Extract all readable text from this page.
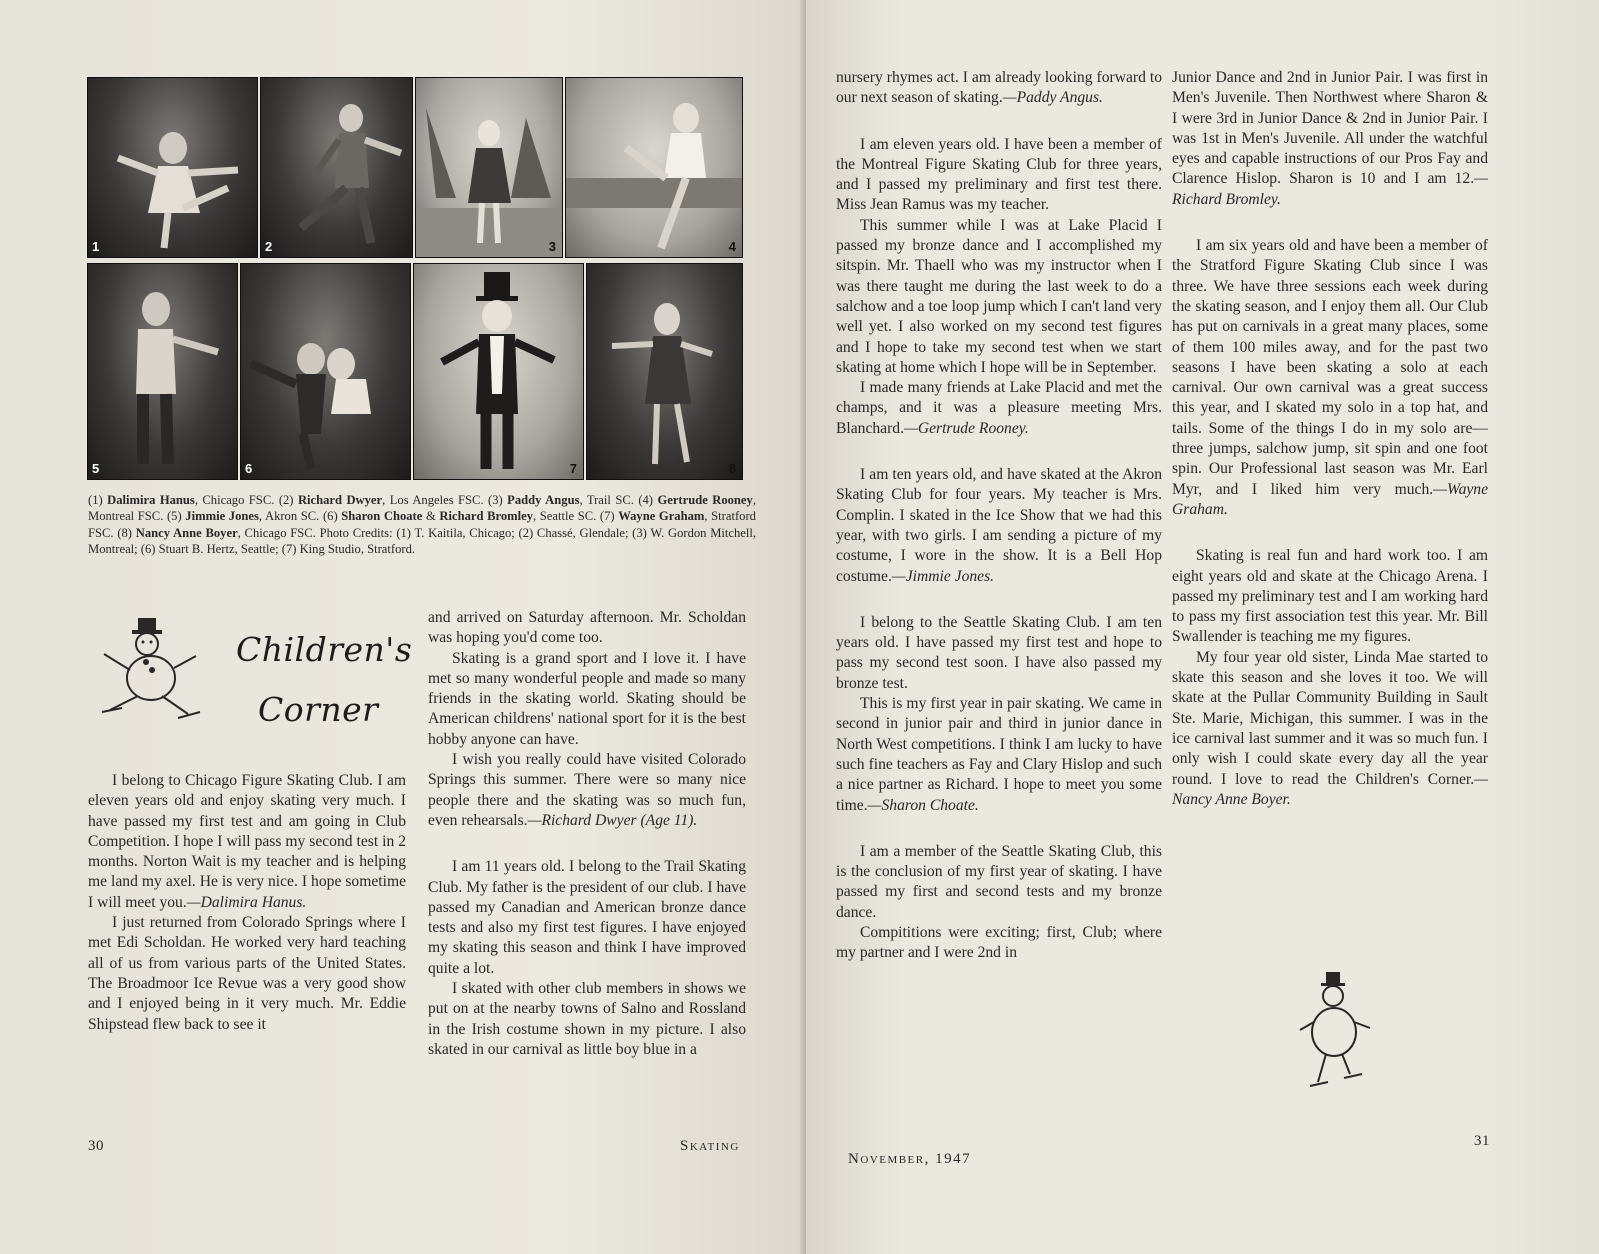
1	2	3	4
5	6	7	8
(1) Dalimira Hanus, Chicago FSC. (2) Richard Dwyer, Los Angeles FSC. (3) Paddy Angus, Trail SC. (4) Gertrude Rooney, Montreal FSC. (5) Jimmie Jones, Akron SC. (6) Sharon Choate & Richard Bromley, Seattle SC. (7) Wayne Graham, Stratford FSC. (8) Nancy Anne Boyer, Chicago FSC. Photo Credits: (1) T. Kaitila, Chicago; (2) Chassé, Glendale; (3) W. Gordon Mitchell, Montreal; (6) Stuart B. Hertz, Seattle; (7) King Studio, Stratford.
Children's
Corner

I belong to Chicago Figure Skating Club. I am eleven years old and enjoy skating very much. I have passed my first test and am going in Club Competition. I hope I will pass my second test in 2 months. Norton Wait is my teacher and is helping me land my axel. He is very nice. I hope sometime I will meet you.—Dalimira Hanus.

I just returned from Colorado Springs where I met Edi Scholdan. He worked very hard teaching all of us from various parts of the United States. The Broadmoor Ice Revue was a very good show and I enjoyed being in it very much. Mr. Eddie Shipstead flew back to see it

and arrived on Saturday afternoon. Mr. Scholdan was hoping you'd come too.

Skating is a grand sport and I love it. I have met so many wonderful people and made so many friends in the skating world. Skating should be American childrens' national sport for it is the best hobby anyone can have.

I wish you really could have visited Colorado Springs this summer. There were so many nice people there and the skating was so much fun, even rehearsals.—Richard Dwyer (Age 11).

I am 11 years old. I belong to the Trail Skating Club. My father is the president of our club. I have passed my Canadian and American bronze dance tests and also my first test figures. I have enjoyed my skating this season and think I have improved quite a lot.

I skated with other club members in shows we put on at the nearby towns of Salno and Rossland in the Irish costume shown in my picture. I also skated in our carnival as little boy blue in a

30	Skating

nursery rhymes act. I am already looking forward to our next season of skating.—Paddy Angus.

I am eleven years old. I have been a member of the Montreal Figure Skating Club for three years, and I passed my preliminary and first test there. Miss Jean Ramus was my teacher.

This summer while I was at Lake Placid I passed my bronze dance and I accomplished my sitspin. Mr. Thaell who was my instructor when I was there taught me during the last week to do a salchow and a toe loop jump which I can't land very well yet. I also worked on my second test figures and I hope to take my second test when we start skating at home which I hope will be in September.

I made many friends at Lake Placid and met the champs, and it was a pleasure meeting Mrs. Blanchard.—Gertrude Rooney.

I am ten years old, and have skated at the Akron Skating Club for four years. My teacher is Mrs. Complin. I skated in the Ice Show that we had this year, with two girls. I am sending a picture of my costume, I wore in the show. It is a Bell Hop costume.—Jimmie Jones.

I belong to the Seattle Skating Club. I am ten years old. I have passed my first test and hope to pass my second test soon. I have also passed my bronze test.

This is my first year in pair skating. We came in second in junior pair and third in junior dance in North West competitions. I think I am lucky to have such fine teachers as Fay and Clary Hislop and such a nice partner as Richard. I hope to meet you some time.—Sharon Choate.

I am a member of the Seattle Skating Club, this is the conclusion of my first year of skating. I have passed my first and second tests and my bronze dance.

Compititions were exciting; first, Club; where my partner and I were 2nd in

Junior Dance and 2nd in Junior Pair. I was first in Men's Juvenile. Then Northwest where Sharon & I were 3rd in Junior Dance & 2nd in Junior Pair. I was 1st in Men's Juvenile. All under the watchful eyes and capable instructions of our Pros Fay and Clarence Hislop. Sharon is 10 and I am 12.—Richard Bromley.

I am six years old and have been a member of the Stratford Figure Skating Club since I was three. We have three sessions each week during the skating season, and I enjoy them all. Our Club has put on carnivals in a great many places, some of them 100 miles away, and for the past two seasons I have been skating a solo at each carnival. Our own carnival was a great success this year, and I skated my solo in a top hat, and tails. Some of the things I do in my solo are—three jumps, salchow jump, sit spin and one foot spin. Our Professional last season was Mr. Earl Myr, and I liked him very much.—Wayne Graham.

Skating is real fun and hard work too. I am eight years old and skate at the Chicago Arena. I passed my preliminary test and I am working hard to pass my first association test this year. Mr. Bill Swallender is teaching me my figures.

My four year old sister, Linda Mae started to skate this season and she loves it too. We will skate at the Pullar Community Building in Sault Ste. Marie, Michigan, this summer. I was in the ice carnival last summer and it was so much fun. I only wish I could skate every day all the year round. I love to read the Children's Corner.—Nancy Anne Boyer.

November, 1947
31
